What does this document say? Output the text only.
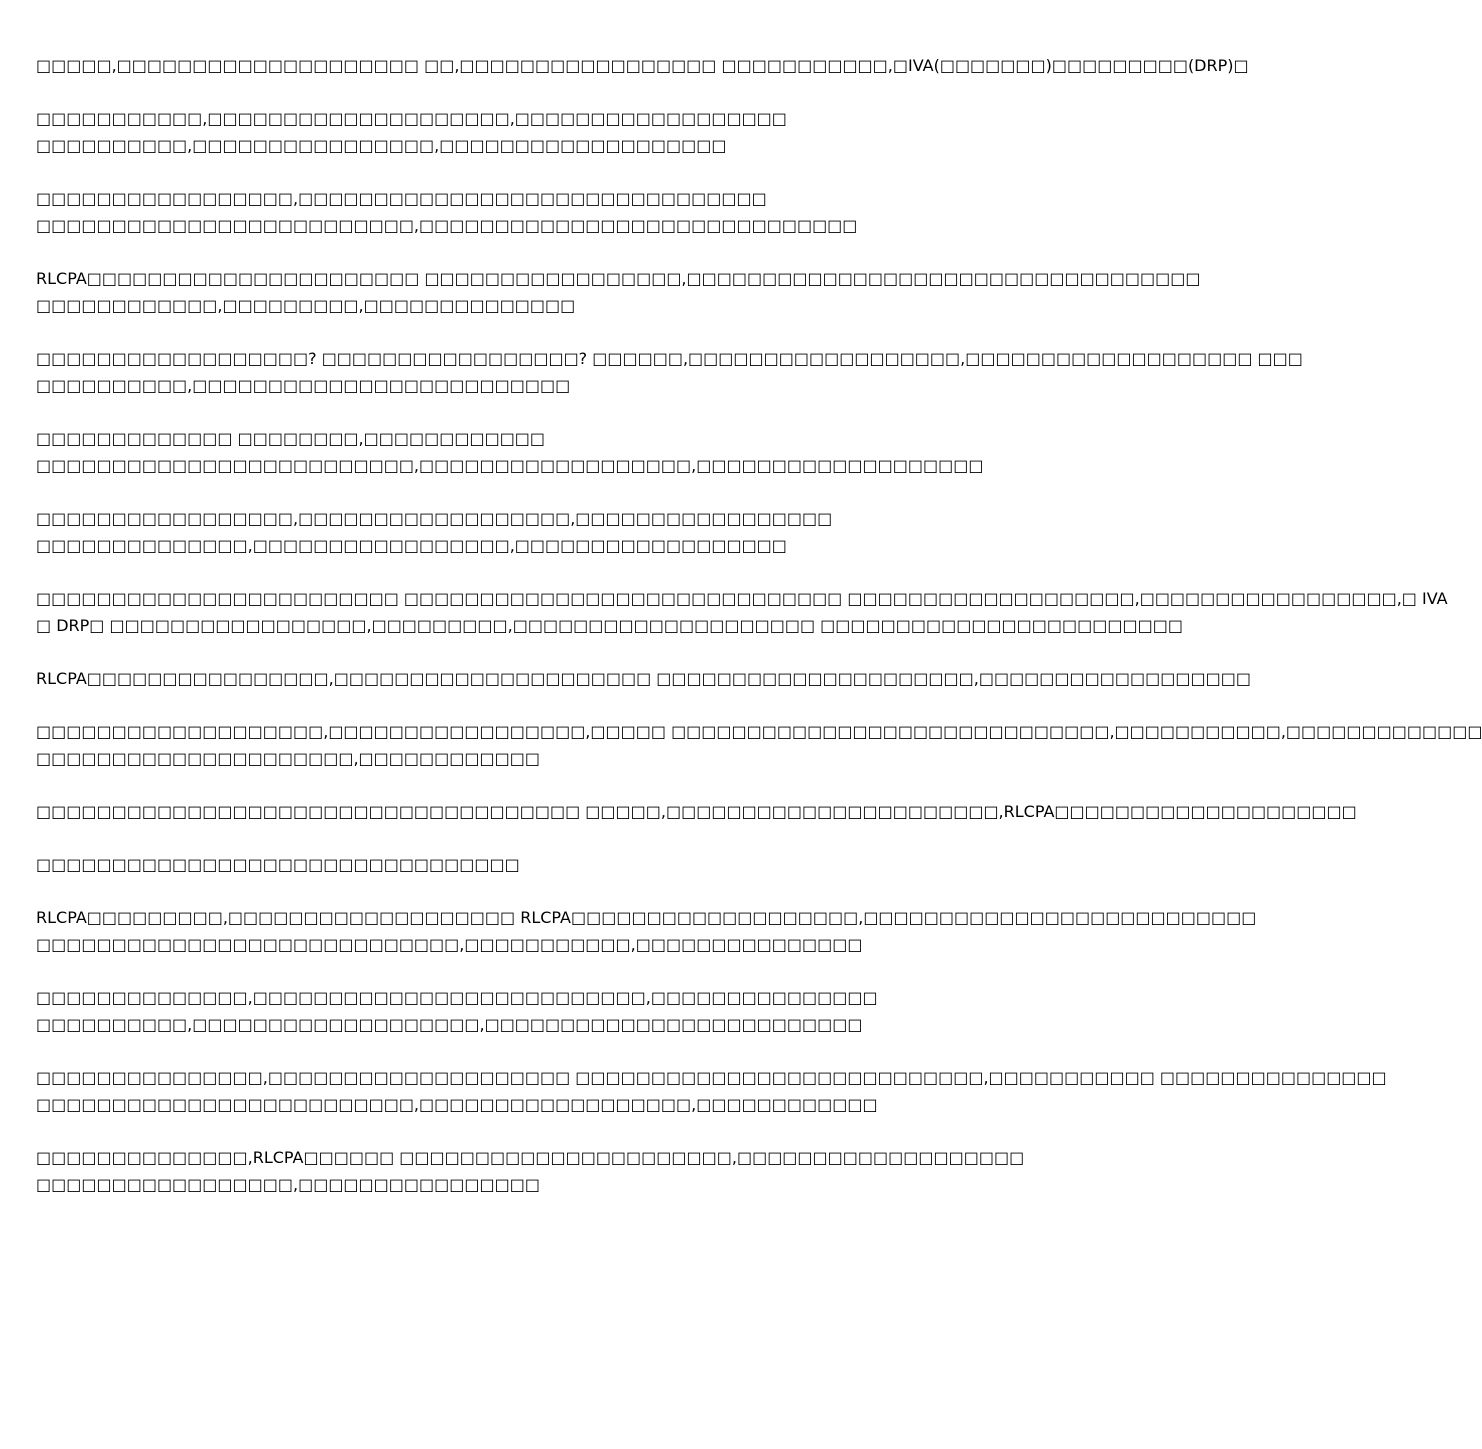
□□□□□,□□□□□□□□□□□□□□□□□□□□ □□,□□□□□□□□□□□□□□□□□ □□□□□□□□□□□,□IVA(□□□□□□□)□□□□□□□□□(DRP)□

□□□□□□□□□□□,□□□□□□□□□□□□□□□□□□□□,□□□□□□□□□□□□□□□□□□
□□□□□□□□□□,□□□□□□□□□□□□□□□□,□□□□□□□□□□□□□□□□□□□

□□□□□□□□□□□□□□□□□,□□□□□□□□□□□□□□□□□□□□□□□□□□□□□□□
□□□□□□□□□□□□□□□□□□□□□□□□□,□□□□□□□□□□□□□□□□□□□□□□□□□□□□□

RLCPA□□□□□□□□□□□□□□□□□□□□□□ □□□□□□□□□□□□□□□□□,□□□□□□□□□□□□□□□□□□□□□□□□□□□□□□□□□□
□□□□□□□□□□□□,□□□□□□□□□,□□□□□□□□□□□□□□

□□□□□□□□□□□□□□□□□□? □□□□□□□□□□□□□□□□□? □□□□□□,□□□□□□□□□□□□□□□□□□,□□□□□□□□□□□□□□□□□□□ □□□
□□□□□□□□□□,□□□□□□□□□□□□□□□□□□□□□□□□□

□□□□□□□□□□□□□ □□□□□□□□,□□□□□□□□□□□□
□□□□□□□□□□□□□□□□□□□□□□□□□,□□□□□□□□□□□□□□□□□□,□□□□□□□□□□□□□□□□□□□

□□□□□□□□□□□□□□□□□,□□□□□□□□□□□□□□□□□□,□□□□□□□□□□□□□□□□□
□□□□□□□□□□□□□□,□□□□□□□□□□□□□□□□□,□□□□□□□□□□□□□□□□□□

□□□□□□□□□□□□□□□□□□□□□□□□ □□□□□□□□□□□□□□□□□□□□□□□□□□□□□ □□□□□□□□□□□□□□□□□□□,□□□□□□□□□□□□□□□□□,□ IVA
□ DRP□ □□□□□□□□□□□□□□□□□,□□□□□□□□□,□□□□□□□□□□□□□□□□□□□□ □□□□□□□□□□□□□□□□□□□□□□□□

RLCPA□□□□□□□□□□□□□□□□,□□□□□□□□□□□□□□□□□□□□□ □□□□□□□□□□□□□□□□□□□□□,□□□□□□□□□□□□□□□□□□

□□□□□□□□□□□□□□□□□□□,□□□□□□□□□□□□□□□□□,□□□□□ □□□□□□□□□□□□□□□□□□□□□□□□□□□□□,□□□□□□□□□□□,□□□□□□□□□□□□□
□□□□□□□□□□□□□□□□□□□□□,□□□□□□□□□□□□

□□□□□□□□□□□□□□□□□□□□□□□□□□□□□□□□□□□□ □□□□□,□□□□□□□□□□□□□□□□□□□□□□,RLCPA□□□□□□□□□□□□□□□□□□□□

□□□□□□□□□□□□□□□□□□□□□□□□□□□□□□□□

RLCPA□□□□□□□□□,□□□□□□□□□□□□□□□□□□□ RLCPA□□□□□□□□□□□□□□□□□□□,□□□□□□□□□□□□□□□□□□□□□□□□□□
□□□□□□□□□□□□□□□□□□□□□□□□□□□□,□□□□□□□□□□□,□□□□□□□□□□□□□□□

□□□□□□□□□□□□□□,□□□□□□□□□□□□□□□□□□□□□□□□□□,□□□□□□□□□□□□□□□
□□□□□□□□□□,□□□□□□□□□□□□□□□□□□□,□□□□□□□□□□□□□□□□□□□□□□□□□

□□□□□□□□□□□□□□□,□□□□□□□□□□□□□□□□□□□□ □□□□□□□□□□□□□□□□□□□□□□□□□□□,□□□□□□□□□□□ □□□□□□□□□□□□□□□
□□□□□□□□□□□□□□□□□□□□□□□□□,□□□□□□□□□□□□□□□□□□,□□□□□□□□□□□□

□□□□□□□□□□□□□□,RLCPA□□□□□□ □□□□□□□□□□□□□□□□□□□□□□,□□□□□□□□□□□□□□□□□□□
□□□□□□□□□□□□□□□□□,□□□□□□□□□□□□□□□□
